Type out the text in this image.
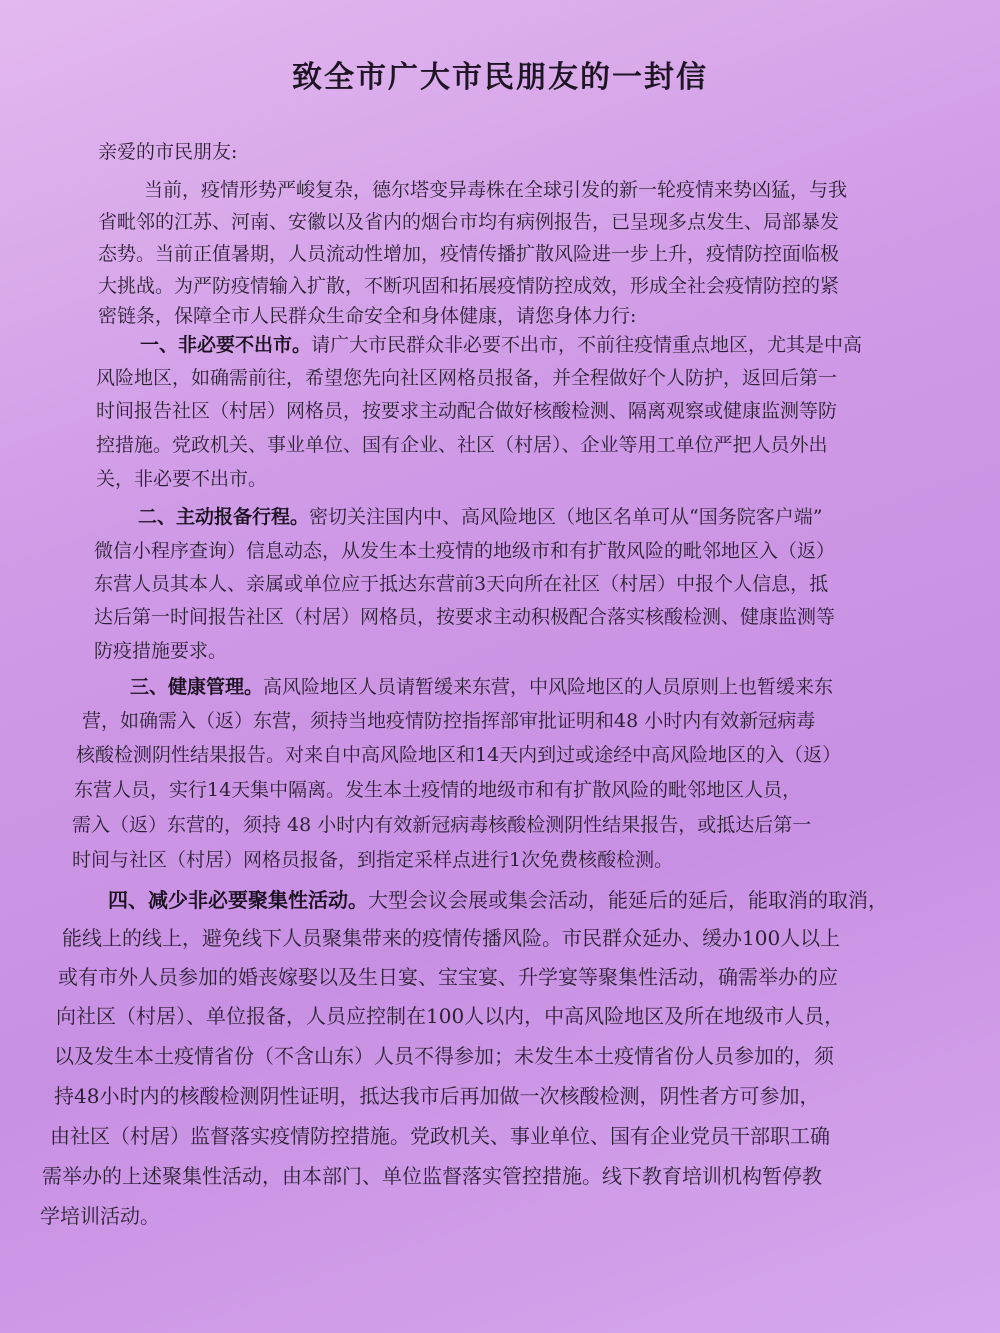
致全市广大市民朋友的一封信
亲爱的市民朋友:
当前，疫情形势严峻复杂，德尔塔变异毒株在全球引发的新一轮疫情来势凶猛，与我
省毗邻的江苏、河南、安徽以及省内的烟台市均有病例报告，已呈现多点发生、局部暴发
态势。当前正值暑期，人员流动性增加，疫情传播扩散风险进一步上升，疫情防控面临极
大挑战。为严防疫情输入扩散，不断巩固和拓展疫情防控成效，形成全社会疫情防控的紧
密链条，保障全市人民群众生命安全和身体健康，请您身体力行:
一、非必要不出市。请广大市民群众非必要不出市，不前往疫情重点地区，尤其是中高
风险地区，如确需前往，希望您先向社区网格员报备，并全程做好个人防护，返回后第一
时间报告社区（村居）网格员，按要求主动配合做好核酸检测、隔离观察或健康监测等防
控措施。党政机关、事业单位、国有企业、社区（村居）、企业等用工单位严把人员外出
关，非必要不出市。
二、主动报备行程。密切关注国内中、高风险地区（地区名单可从“国务院客户端”
微信小程序查询）信息动态，从发生本土疫情的地级市和有扩散风险的毗邻地区入（返）
东营人员其本人、亲属或单位应于抵达东营前3天向所在社区（村居）中报个人信息，抵
达后第一时间报告社区（村居）网格员，按要求主动积极配合落实核酸检测、健康监测等
防疫措施要求。
三、健康管理。高风险地区人员请暂缓来东营，中风险地区的人员原则上也暂缓来东
营，如确需入（返）东营，须持当地疫情防控指挥部审批证明和48 小时内有效新冠病毒
核酸检测阴性结果报告。对来自中高风险地区和14天内到过或途经中高风险地区的入（返）
东营人员，实行14天集中隔离。发生本土疫情的地级市和有扩散风险的毗邻地区人员，
需入（返）东营的，须持 48 小时内有效新冠病毒核酸检测阴性结果报告，或抵达后第一
时间与社区（村居）网格员报备，到指定采样点进行1次免费核酸检测。
四、减少非必要聚集性活动。大型会议会展或集会活动，能延后的延后，能取消的取消，
能线上的线上，避免线下人员聚集带来的疫情传播风险。市民群众延办、缓办100人以上
或有市外人员参加的婚丧嫁娶以及生日宴、宝宝宴、升学宴等聚集性活动，确需举办的应
向社区（村居）、单位报备，人员应控制在100人以内，中高风险地区及所在地级市人员，
以及发生本土疫情省份（不含山东）人员不得参加；未发生本土疫情省份人员参加的，须
持48小时内的核酸检测阴性证明，抵达我市后再加做一次核酸检测，阴性者方可参加，
由社区（村居）监督落实疫情防控措施。党政机关、事业单位、国有企业党员干部职工确
需举办的上述聚集性活动，由本部门、单位监督落实管控措施。线下教育培训机构暂停教
学培训活动。
